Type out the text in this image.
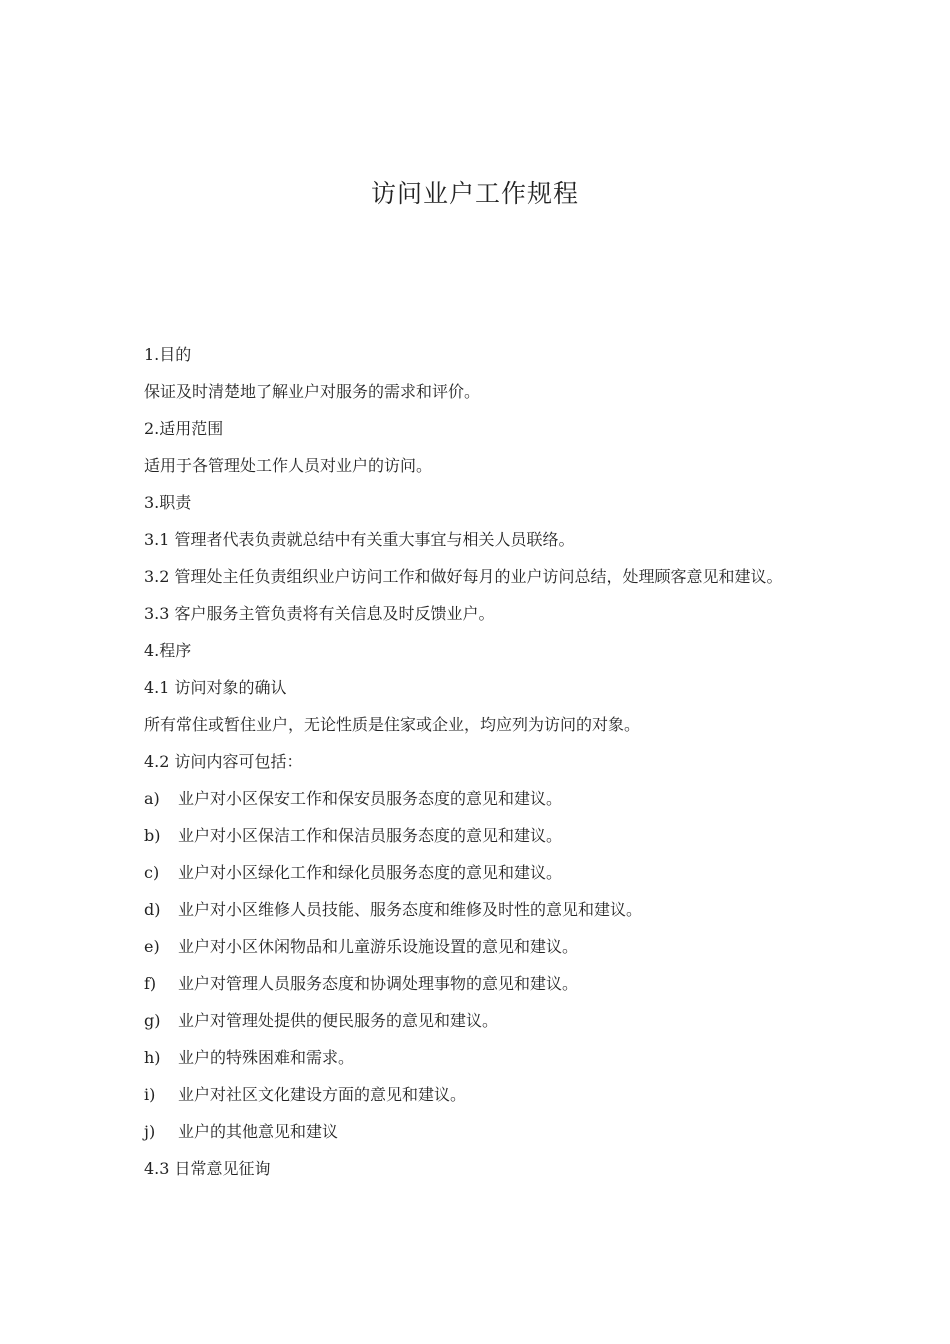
访问业户工作规程
1.目的
保证及时清楚地了解业户对服务的需求和评价。
2.适用范围
适用于各管理处工作人员对业户的访问。
3.职责
3.1 管理者代表负责就总结中有关重大事宜与相关人员联络。
3.2 管理处主任负责组织业户访问工作和做好每月的业户访问总结，处理顾客意见和建议。
3.3 客户服务主管负责将有关信息及时反馈业户。
4.程序
4.1 访问对象的确认
所有常住或暂住业户，无论性质是住家或企业，均应列为访问的对象。
4.2 访问内容可包括：
a)	业户对小区保安工作和保安员服务态度的意见和建议。
b)	业户对小区保洁工作和保洁员服务态度的意见和建议。
c)	业户对小区绿化工作和绿化员服务态度的意见和建议。
d)	业户对小区维修人员技能、服务态度和维修及时性的意见和建议。
e)	业户对小区休闲物品和儿童游乐设施设置的意见和建议。
f)	业户对管理人员服务态度和协调处理事物的意见和建议。
g)	业户对管理处提供的便民服务的意见和建议。
h)	业户的特殊困难和需求。
i)	业户对社区文化建设方面的意见和建议。
j)	业户的其他意见和建议
4.3 日常意见征询
